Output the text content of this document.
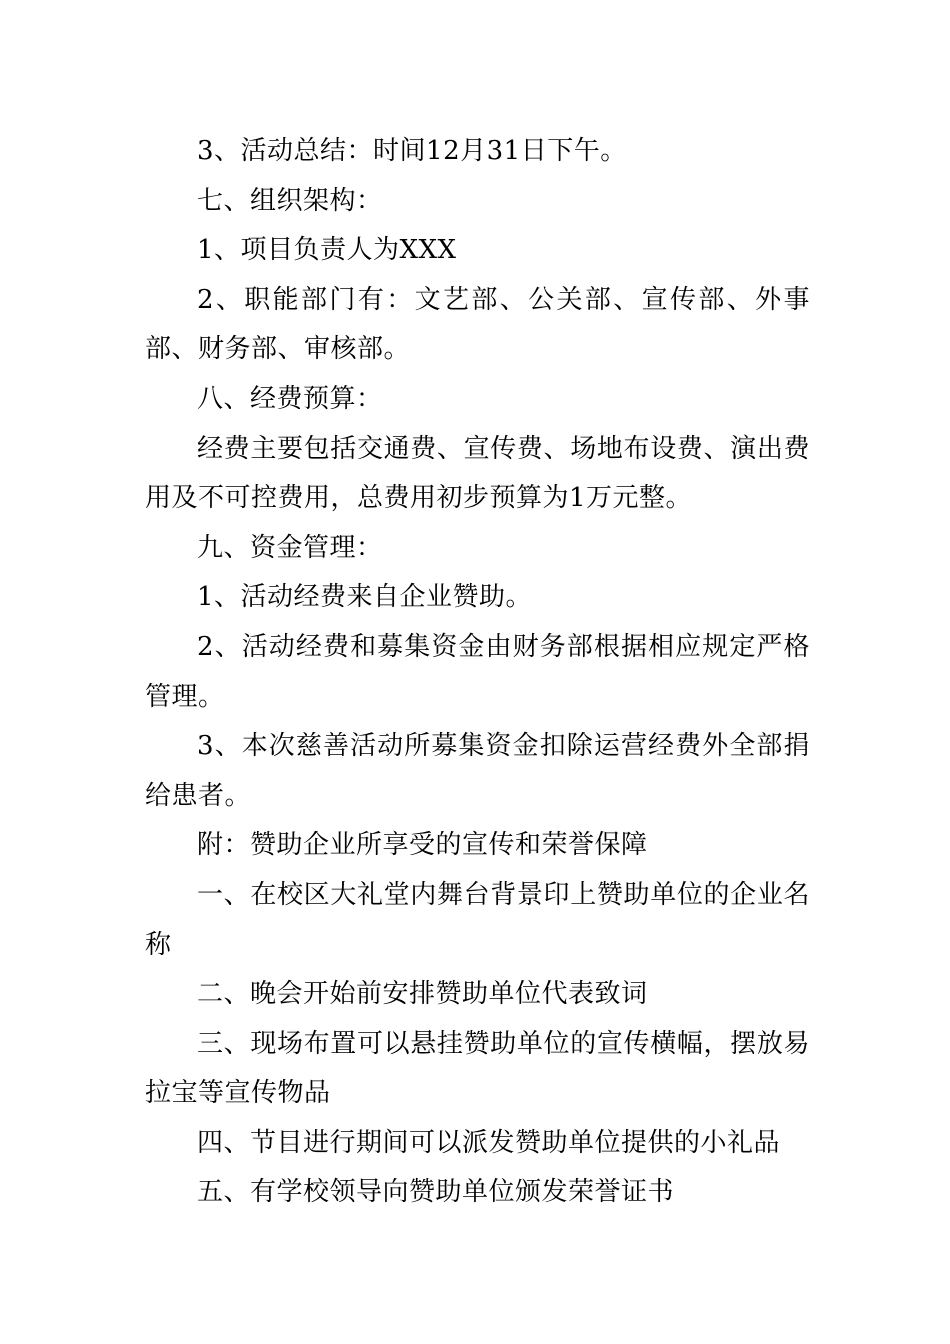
3、活动总结：时间12月31日下午。

七、组织架构：

1、项目负责人为XXX

2、职能部门有：文艺部、公关部、宣传部、外事部、财务部、审核部。

八、经费预算：

经费主要包括交通费、宣传费、场地布设费、演出费用及不可控费用，总费用初步预算为1万元整。

九、资金管理：

1、活动经费来自企业赞助。

2、活动经费和募集资金由财务部根据相应规定严格管理。

3、本次慈善活动所募集资金扣除运营经费外全部捐给患者。

附：赞助企业所享受的宣传和荣誉保障

一、在校区大礼堂内舞台背景印上赞助单位的企业名称

二、晚会开始前安排赞助单位代表致词

三、现场布置可以悬挂赞助单位的宣传横幅，摆放易拉宝等宣传物品

四、节目进行期间可以派发赞助单位提供的小礼品

五、有学校领导向赞助单位颁发荣誉证书
